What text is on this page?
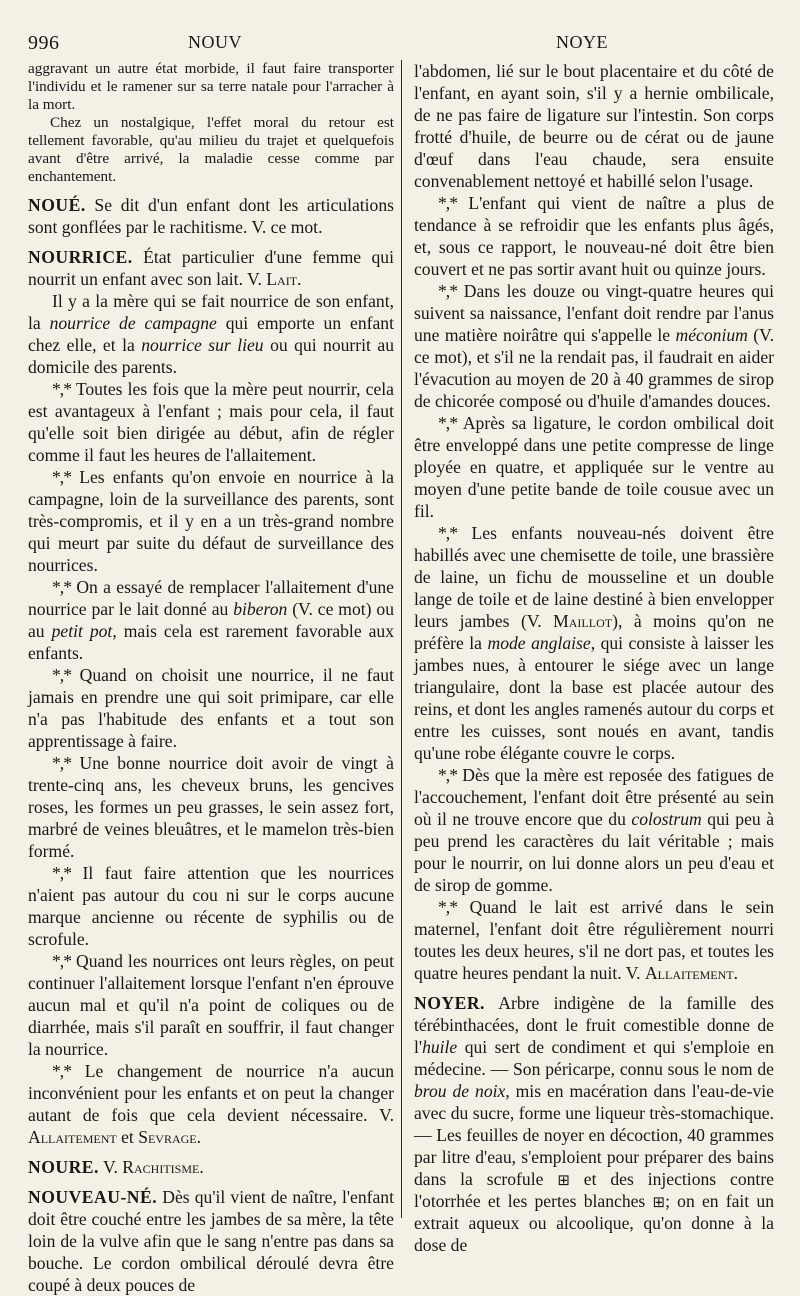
996	NOUV	NOYE

aggravant un autre état morbide, il faut faire transporter l'individu et le ramener sur sa terre natale pour l'arracher à la mort.

Chez un nostalgique, l'effet moral du retour est tellement favorable, qu'au milieu du trajet et quelquefois avant d'être arrivé, la maladie cesse comme par enchantement.

NOUÉ. Se dit d'un enfant dont les articulations sont gonflées par le rachitisme. V. ce mot.

NOURRICE. État particulier d'une femme qui nourrit un enfant avec son lait. V. Lait.

Il y a la mère qui se fait nourrice de son enfant, la nourrice de campagne qui emporte un enfant chez elle, et la nourrice sur lieu ou qui nourrit au domicile des parents.

*,* Toutes les fois que la mère peut nourrir, cela est avantageux à l'enfant ; mais pour cela, il faut qu'elle soit bien dirigée au début, afin de régler comme il faut les heures de l'allaitement.

*,* Les enfants qu'on envoie en nourrice à la campagne, loin de la surveillance des parents, sont très-compromis, et il y en a un très-grand nombre qui meurt par suite du défaut de surveillance des nourrices.

*,* On a essayé de remplacer l'allaitement d'une nourrice par le lait donné au biberon (V. ce mot) ou au petit pot, mais cela est rarement favorable aux enfants.

*,* Quand on choisit une nourrice, il ne faut jamais en prendre une qui soit primipare, car elle n'a pas l'habitude des enfants et a tout son apprentissage à faire.

*,* Une bonne nourrice doit avoir de vingt à trente-cinq ans, les cheveux bruns, les gencives roses, les formes un peu grasses, le sein assez fort, marbré de veines bleuâtres, et le mamelon très-bien formé.

*,* Il faut faire attention que les nourrices n'aient pas autour du cou ni sur le corps aucune marque ancienne ou récente de syphilis ou de scrofule.

*,* Quand les nourrices ont leurs règles, on peut continuer l'allaitement lorsque l'enfant n'en éprouve aucun mal et qu'il n'a point de coliques ou de diarrhée, mais s'il paraît en souffrir, il faut changer la nourrice.

*,* Le changement de nourrice n'a aucun inconvénient pour les enfants et on peut la changer autant de fois que cela devient nécessaire. V. Allaitement et Sevrage.

NOURE. V. Rachitisme.

NOUVEAU-NÉ. Dès qu'il vient de naître, l'enfant doit être couché entre les jambes de sa mère, la tête loin de la vulve afin que le sang n'entre pas dans sa bouche. Le cordon ombilical déroulé devra être coupé à deux pouces de

l'abdomen, lié sur le bout placentaire et du côté de l'enfant, en ayant soin, s'il y a hernie ombilicale, de ne pas faire de ligature sur l'intestin. Son corps frotté d'huile, de beurre ou de cérat ou de jaune d'œuf dans l'eau chaude, sera ensuite convenablement nettoyé et habillé selon l'usage.

*,* L'enfant qui vient de naître a plus de tendance à se refroidir que les enfants plus âgés, et, sous ce rapport, le nouveau-né doit être bien couvert et ne pas sortir avant huit ou quinze jours.

*,* Dans les douze ou vingt-quatre heures qui suivent sa naissance, l'enfant doit rendre par l'anus une matière noirâtre qui s'appelle le méconium (V. ce mot), et s'il ne la rendait pas, il faudrait en aider l'évacution au moyen de 20 à 40 grammes de sirop de chicorée composé ou d'huile d'amandes douces.

*,* Après sa ligature, le cordon ombilical doit être enveloppé dans une petite compresse de linge ployée en quatre, et appliquée sur le ventre au moyen d'une petite bande de toile cousue avec un fil.

*,* Les enfants nouveau-nés doivent être habillés avec une chemisette de toile, une brassière de laine, un fichu de mousseline et un double lange de toile et de laine destiné à bien envelopper leurs jambes (V. Maillot), à moins qu'on ne préfère la mode anglaise, qui consiste à laisser les jambes nues, à entourer le siége avec un lange triangulaire, dont la base est placée autour des reins, et dont les angles ramenés autour du corps et entre les cuisses, sont noués en avant, tandis qu'une robe élégante couvre le corps.

*,* Dès que la mère est reposée des fatigues de l'accouchement, l'enfant doit être présenté au sein où il ne trouve encore que du colostrum qui peu à peu prend les caractères du lait véritable ; mais pour le nourrir, on lui donne alors un peu d'eau et de sirop de gomme.

*,* Quand le lait est arrivé dans le sein maternel, l'enfant doit être régulièrement nourri toutes les deux heures, s'il ne dort pas, et toutes les quatre heures pendant la nuit. V. Allaitement.

NOYER. Arbre indigène de la famille des térébinthacées, dont le fruit comestible donne de l'huile qui sert de condiment et qui s'emploie en médecine. — Son péricarpe, connu sous le nom de brou de noix, mis en macération dans l'eau-de-vie avec du sucre, forme une liqueur très-stomachique. — Les feuilles de noyer en décoction, 40 grammes par litre d'eau, s'emploient pour préparer des bains dans la scrofule ⊞ et des injections contre l'otorrhée et les pertes blanches ⊞; on en fait un extrait aqueux ou alcoolique, qu'on donne à la dose de
